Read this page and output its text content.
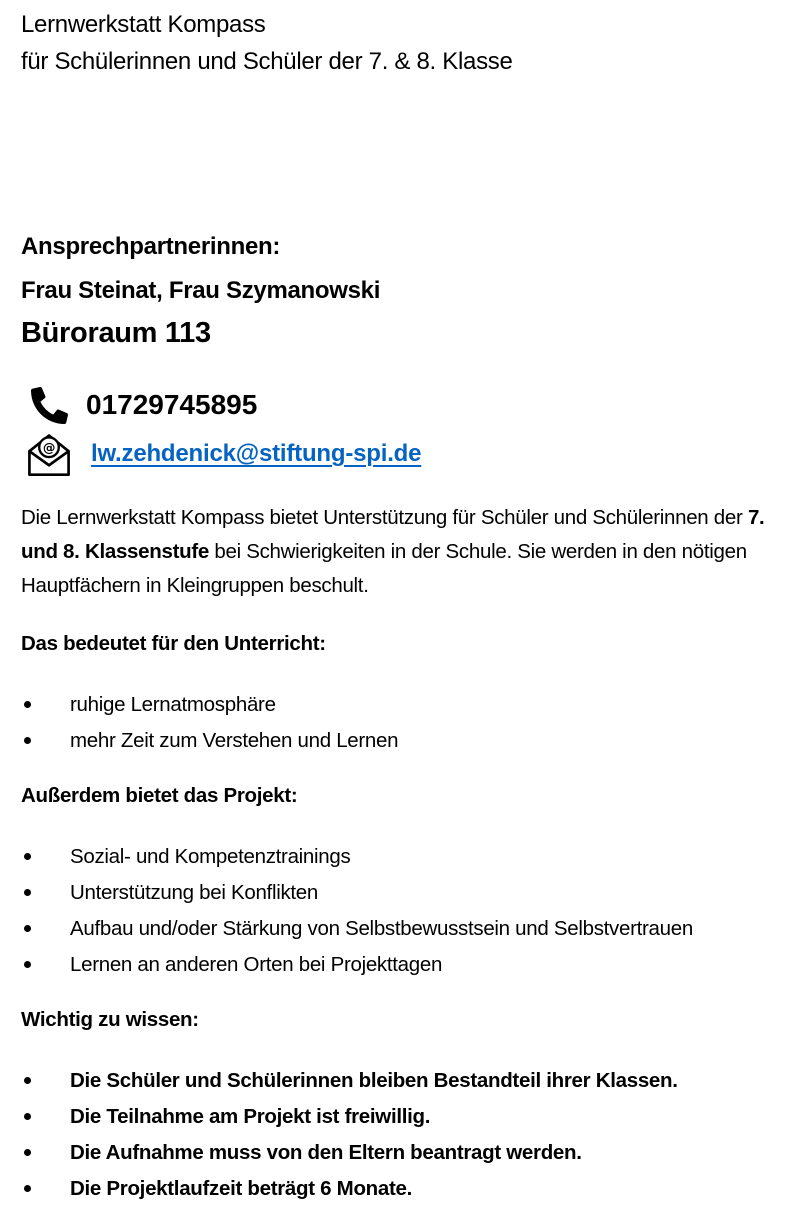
Lernwerkstatt Kompass
für Schülerinnen und Schüler der 7. & 8. Klasse
Ansprechpartnerinnen:
Frau Steinat, Frau Szymanowski
Büroraum 113
01729745895
@ lw.zehdenick@stiftung-spi.de

Die Lernwerkstatt Kompass bietet Unterstützung für Schüler und Schülerinnen der 7. und 8. Klassenstufe bei Schwierigkeiten in der Schule. Sie werden in den nötigen Hauptfächern in Kleingruppen beschult.

Das bedeutet für den Unterricht:
ruhige Lernatmosphäre
mehr Zeit zum Verstehen und Lernen
Außerdem bietet das Projekt:
Sozial- und Kompetenztrainings
Unterstützung bei Konflikten
Aufbau und/oder Stärkung von Selbstbewusstsein und Selbstvertrauen
Lernen an anderen Orten bei Projekttagen
Wichtig zu wissen:
Die Schüler und Schülerinnen bleiben Bestandteil ihrer Klassen.
Die Teilnahme am Projekt ist freiwillig.
Die Aufnahme muss von den Eltern beantragt werden.
Die Projektlaufzeit beträgt 6 Monate.
